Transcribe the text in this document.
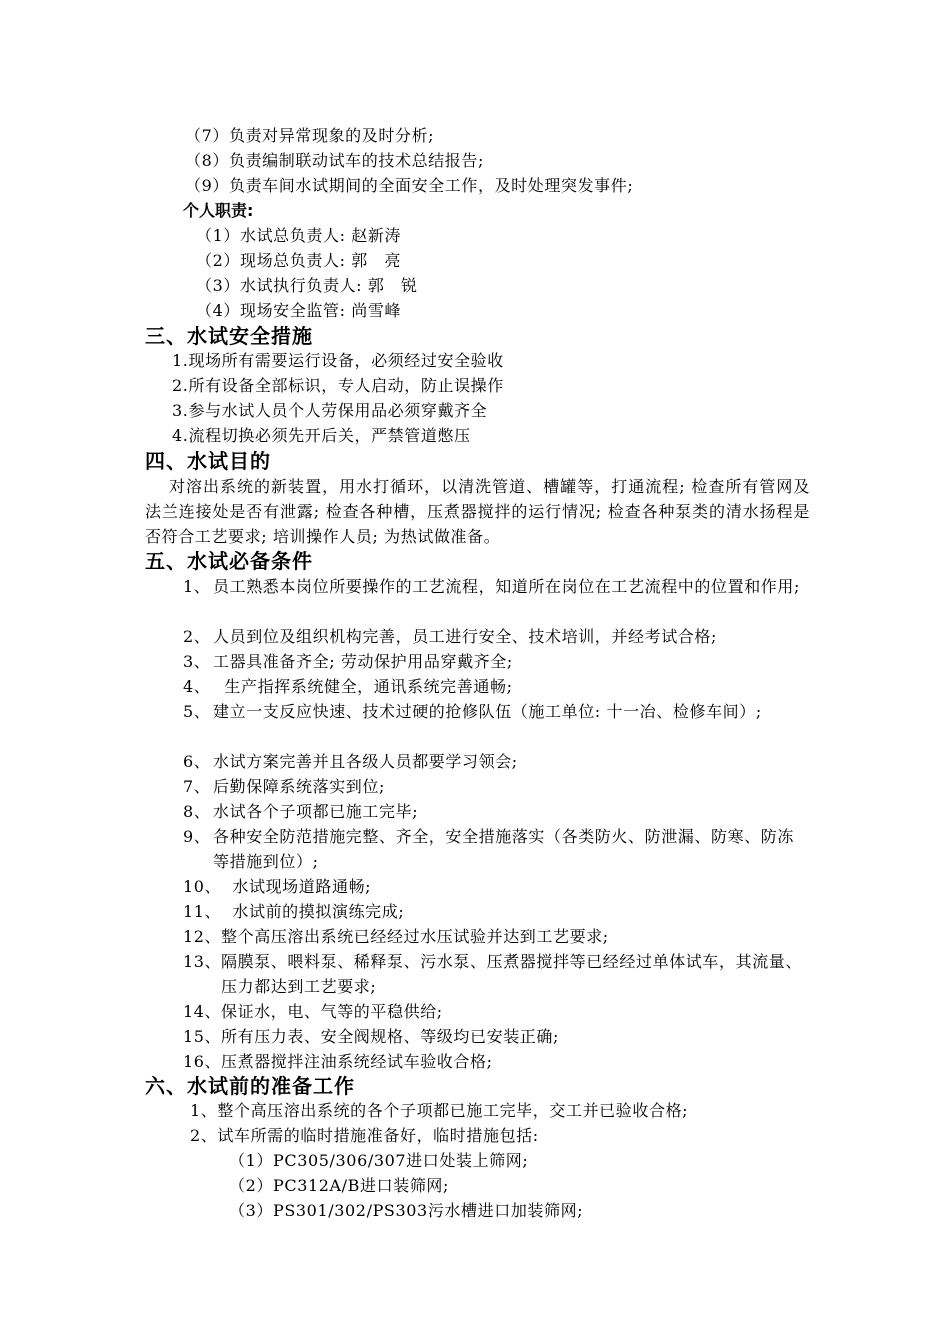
（7）负责对异常现象的及时分析;
（8）负责编制联动试车的技术总结报告;
（9）负责车间水试期间的全面安全工作，及时处理突发事件;
个人职责:
（1）水试总负责人: 赵新涛
（2）现场总负责人: 郭　亮
（3）水试执行负责人: 郭　锐
（4）现场安全监管: 尚雪峰
三、水试安全措施
1.现场所有需要运行设备，必须经过安全验收
2.所有设备全部标识，专人启动，防止误操作
3.参与水试人员个人劳保用品必须穿戴齐全
4.流程切换必须先开后关，严禁管道憋压
四、水试目的
对溶出系统的新装置，用水打循环，以清洗管道、槽罐等，打通流程; 检查所有管网及法兰连接处是否有泄露; 检查各种槽，压煮器搅拌的运行情况; 检查各种泵类的清水扬程是否符合工艺要求; 培训操作人员; 为热试做准备。
五、水试必备条件
1、 员工熟悉本岗位所要操作的工艺流程，知道所在岗位在工艺流程中的位置和作用;
2、 人员到位及组织机构完善，员工进行安全、技术培训，并经考试合格;
3、 工器具准备齐全; 劳动保护用品穿戴齐全;
4、 生产指挥系统健全，通讯系统完善通畅;
5、 建立一支反应快速、技术过硬的抢修队伍（施工单位: 十一冶、检修车间）;
6、 水试方案完善并且各级人员都要学习领会;
7、 后勤保障系统落实到位;
8、 水试各个子项都已施工完毕;
9、 各种安全防范措施完整、齐全，安全措施落实（各类防火、防泄漏、防寒、防冻等措施到位）;
10、 水试现场道路通畅;
11、 水试前的摸拟演练完成;
12、 整个高压溶出系统已经经过水压试验并达到工艺要求;
13、 隔膜泵、喂料泵、稀释泵、污水泵、压煮器搅拌等已经经过单体试车，其流量、压力都达到工艺要求;
14、 保证水，电、气等的平稳供给;
15、 所有压力表、安全阀规格、等级均已安装正确;
16、 压煮器搅拌注油系统经试车验收合格;
六、水试前的准备工作
1、整个高压溶出系统的各个子项都已施工完毕，交工并已验收合格;
2、试车所需的临时措施准备好，临时措施包括:
（1）PC305/306/307进口处装上筛网;
（2）PC312A/B进口装筛网;
（3）PS301/302/PS303污水槽进口加装筛网;
